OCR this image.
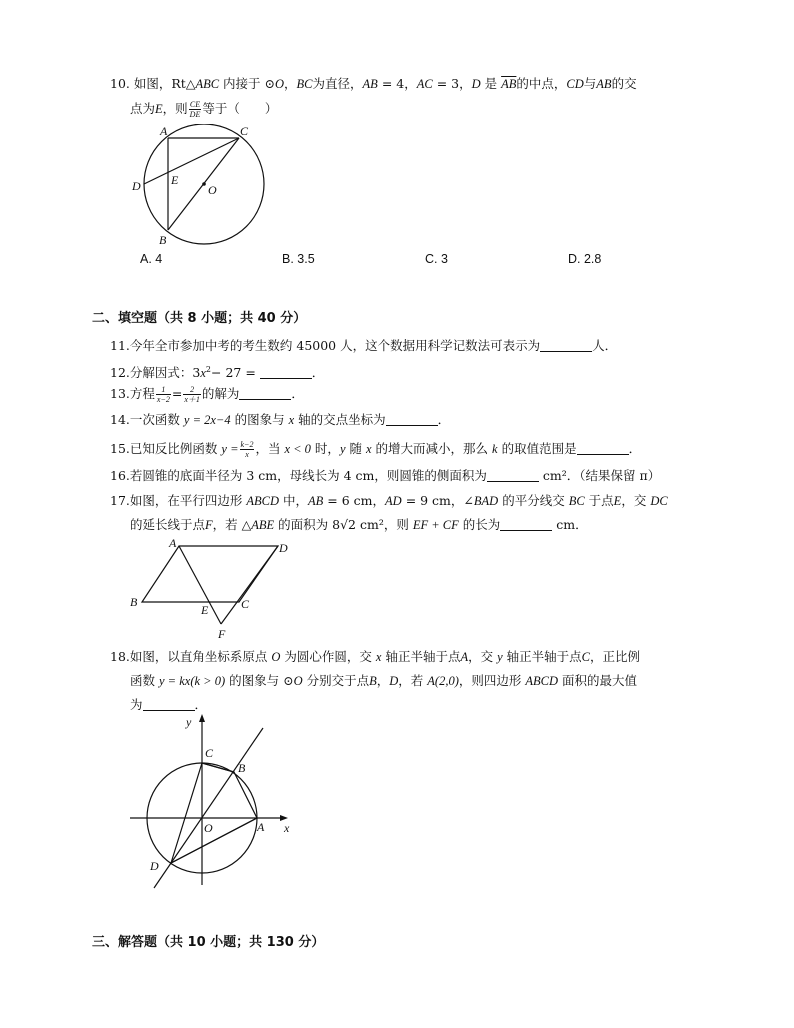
10. 如图，Rt△ABC 内接于 ⊙O，BC为直径，AB = 4，AC = 3，D 是 $\overline{AB}$的中点，CD与AB的交
点为E，则 $\frac{CE}{DE}$ 等于（　　）
A	C
D	E
O
B
A. 4	B. 3.5	C. 3	D. 2.8
二、填空题（共 8 小题；共 40 分）
11.今年全市参加中考的考生数约 45000 人，这个数据用科学记数法可表示为	人．
12.分解因式：$3x^2- 27$ =	．
13.方程 $\frac{1}{x-2} = \frac{2}{x+1}$ 的解为	．
14.一次函数 y = 2x−4 的图象与 x 轴的交点坐标为	．
15.已知反比例函数 $y = \frac{k-2}{x}$ ，当 x < 0 时，y 随 x 的增大而减小，那么 k 的取值范围是	．
16.若圆锥的底面半径为 3 cm，母线长为 4 cm，则圆锥的侧面积为	cm²．（结果保留 π）
17.如图，在平行四边形 ABCD 中，AB = 6 cm，AD = 9 cm，∠BAD 的平分线交 BC 于点E，交 DC
的延长线于点F，若 △ABE 的面积为 8√2 cm²，则 EF + CF 的长为	cm．
A	D
B
E	C
F
18.如图，以直角坐标系原点 O 为圆心作圆，交 x 轴正半轴于点A，交 y 轴正半轴于点C，正比例
函数 y = kx(k > 0) 的图象与 ⊙O 分别交于点B，D，若 A(2,0)，则四边形 ABCD 面积的最大值
为	．
y
C
B
O	A x
D
三、解答题（共 10 小题；共 130 分）
